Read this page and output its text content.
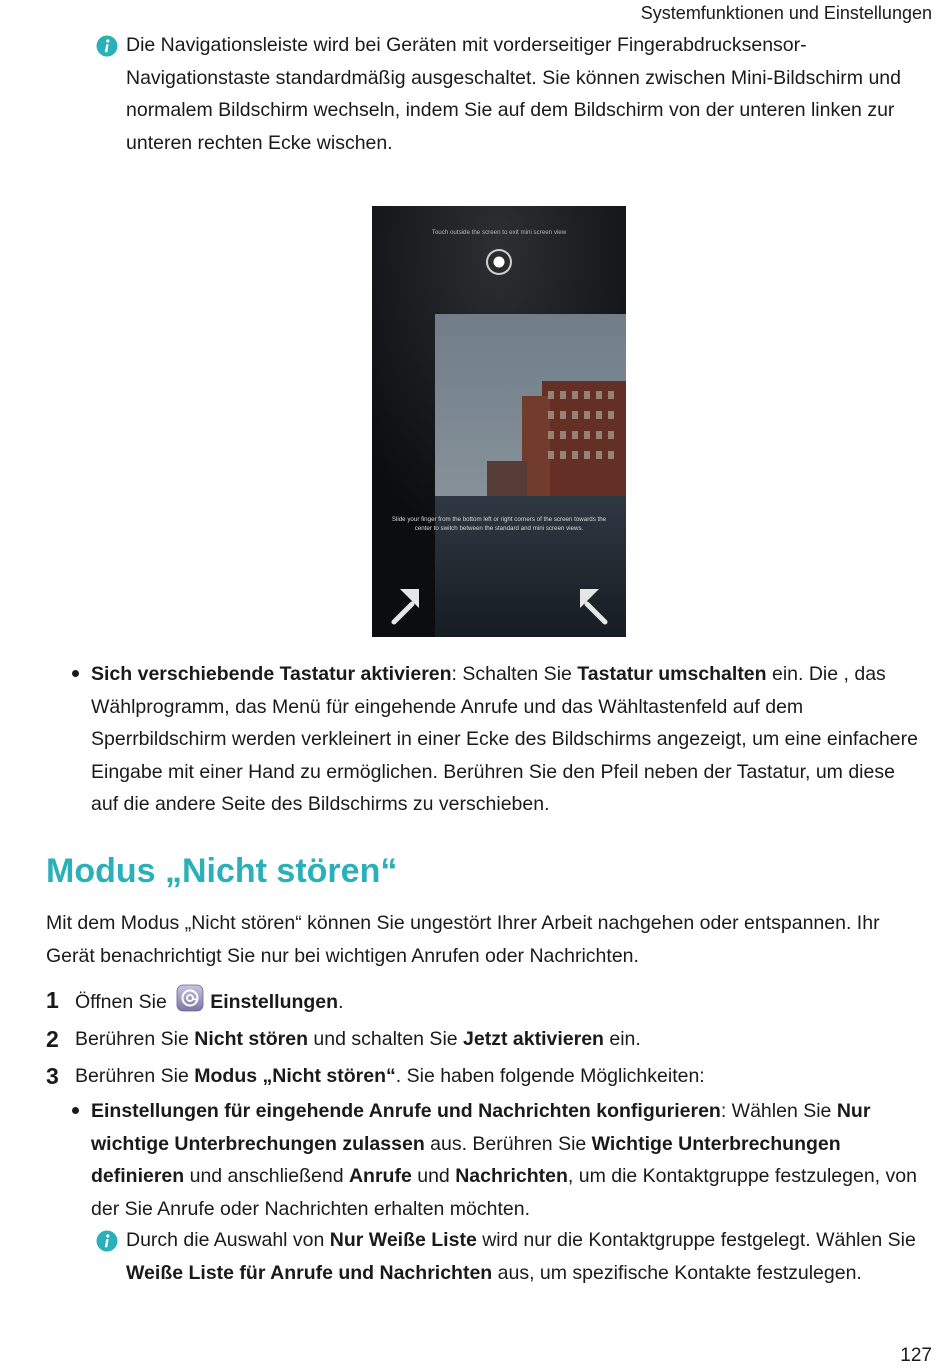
Systemfunktionen und Einstellungen
Die Navigationsleiste wird bei Geräten mit vorderseitiger Fingerabdrucksensor-Navigationstaste standardmäßig ausgeschaltet. Sie können zwischen Mini-Bildschirm und normalem Bildschirm wechseln, indem Sie auf dem Bildschirm von der unteren linken zur unteren rechten Ecke wischen.
Touch outside the screen to exit mini screen view
Slide your finger from the bottom left or right corners of the screen towards the center to switch between the standard and mini screen views.
Sich verschiebende Tastatur aktivieren: Schalten Sie Tastatur umschalten ein. Die , das Wählprogramm, das Menü für eingehende Anrufe und das Wähltastenfeld auf dem Sperrbildschirm werden verkleinert in einer Ecke des Bildschirms angezeigt, um eine einfachere Eingabe mit einer Hand zu ermöglichen. Berühren Sie den Pfeil neben der Tastatur, um diese auf die andere Seite des Bildschirms zu verschieben.
Modus „Nicht stören“
Mit dem Modus „Nicht stören“ können Sie ungestört Ihrer Arbeit nachgehen oder entspannen. Ihr Gerät benachrichtigt Sie nur bei wichtigen Anrufen oder Nachrichten.
1 Öffnen Sie Einstellungen.
2 Berühren Sie Nicht stören und schalten Sie Jetzt aktivieren ein.
3 Berühren Sie Modus „Nicht stören“. Sie haben folgende Möglichkeiten:
Einstellungen für eingehende Anrufe und Nachrichten konfigurieren: Wählen Sie Nur wichtige Unterbrechungen zulassen aus. Berühren Sie Wichtige Unterbrechungen definieren und anschließend Anrufe und Nachrichten, um die Kontaktgruppe festzulegen, von der Sie Anrufe oder Nachrichten erhalten möchten.
Durch die Auswahl von Nur Weiße Liste wird nur die Kontaktgruppe festgelegt. Wählen Sie Weiße Liste für Anrufe und Nachrichten aus, um spezifische Kontakte festzulegen.
127
